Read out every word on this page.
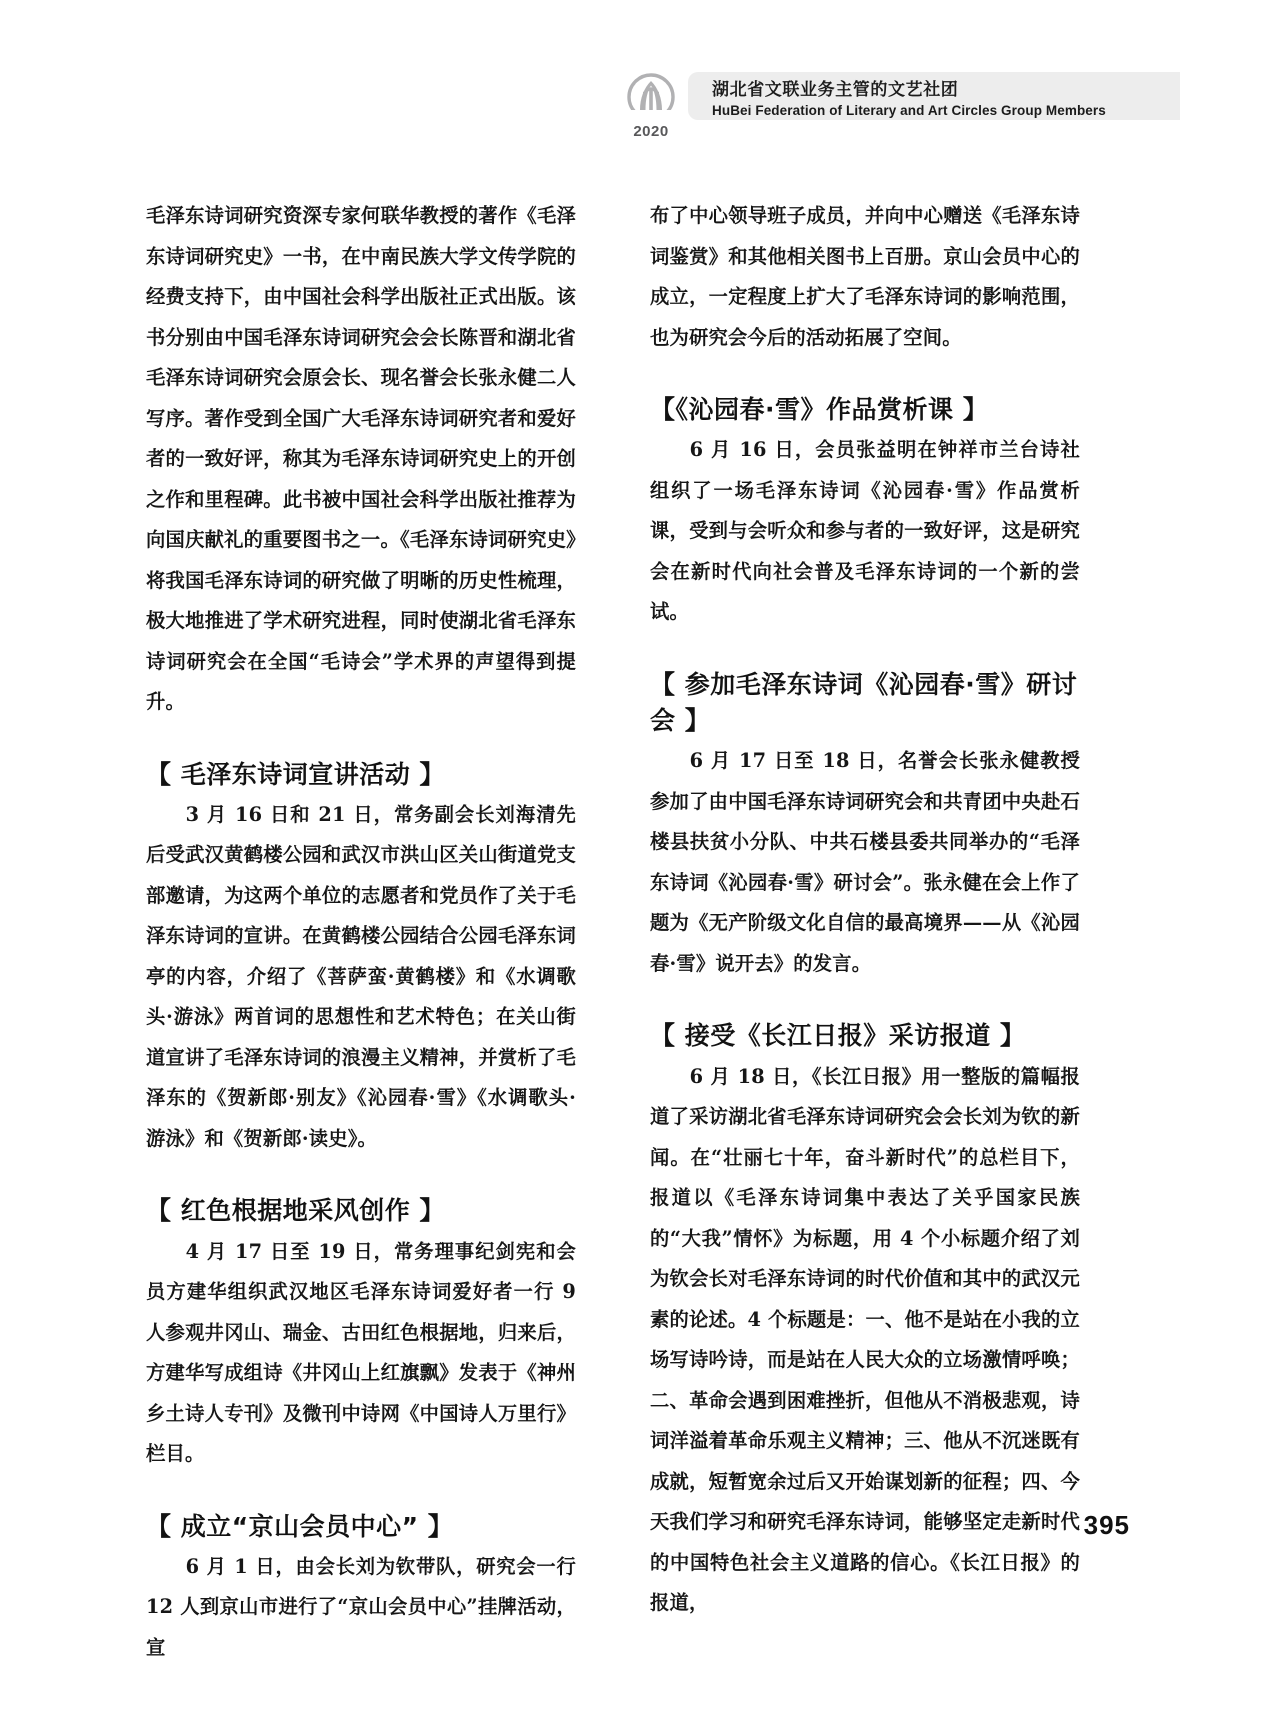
2020
湖北省文联业务主管的文艺社团
HuBei Federation of Literary and Art Circles Group Members

毛泽东诗词研究资深专家何联华教授的著作《毛泽东诗词研究史》一书，在中南民族大学文传学院的经费支持下，由中国社会科学出版社正式出版。该书分别由中国毛泽东诗词研究会会长陈晋和湖北省毛泽东诗词研究会原会长、现名誉会长张永健二人写序。著作受到全国广大毛泽东诗词研究者和爱好者的一致好评，称其为毛泽东诗词研究史上的开创之作和里程碑。此书被中国社会科学出版社推荐为向国庆献礼的重要图书之一。《毛泽东诗词研究史》将我国毛泽东诗词的研究做了明晰的历史性梳理，极大地推进了学术研究进程，同时使湖北省毛泽东诗词研究会在全国“毛诗会”学术界的声望得到提升。

【 毛泽东诗词宣讲活动 】

3 月 16 日和 21 日，常务副会长刘海清先后受武汉黄鹤楼公园和武汉市洪山区关山街道党支部邀请，为这两个单位的志愿者和党员作了关于毛泽东诗词的宣讲。在黄鹤楼公园结合公园毛泽东词亭的内容，介绍了《菩萨蛮·黄鹤楼》和《水调歌头·游泳》两首词的思想性和艺术特色；在关山街道宣讲了毛泽东诗词的浪漫主义精神，并赏析了毛泽东的《贺新郎·别友》《沁园春·雪》《水调歌头·游泳》和《贺新郎·读史》。

【 红色根据地采风创作 】

4 月 17 日至 19 日，常务理事纪剑宪和会员方建华组织武汉地区毛泽东诗词爱好者一行 9 人参观井冈山、瑞金、古田红色根据地，归来后，方建华写成组诗《井冈山上红旗飘》发表于《神州乡土诗人专刊》及微刊中诗网《中国诗人万里行》栏目。

【 成立“京山会员中心” 】

6 月 1 日，由会长刘为钦带队，研究会一行 12 人到京山市进行了“京山会员中心”挂牌活动，宣

布了中心领导班子成员，并向中心赠送《毛泽东诗词鉴赏》和其他相关图书上百册。京山会员中心的成立，一定程度上扩大了毛泽东诗词的影响范围，也为研究会今后的活动拓展了空间。

【《沁园春·雪》作品赏析课 】

6 月 16 日，会员张益明在钟祥市兰台诗社组织了一场毛泽东诗词《沁园春·雪》作品赏析课，受到与会听众和参与者的一致好评，这是研究会在新时代向社会普及毛泽东诗词的一个新的尝试。

【 参加毛泽东诗词《沁园春·雪》研讨会 】

6 月 17 日至 18 日，名誉会长张永健教授参加了由中国毛泽东诗词研究会和共青团中央赴石楼县扶贫小分队、中共石楼县委共同举办的“毛泽东诗词《沁园春·雪》研讨会”。张永健在会上作了题为《无产阶级文化自信的最高境界——从《沁园春·雪》说开去》的发言。

【 接受《长江日报》采访报道 】

6 月 18 日，《长江日报》用一整版的篇幅报道了采访湖北省毛泽东诗词研究会会长刘为钦的新闻。在“壮丽七十年，奋斗新时代”的总栏目下，报道以《毛泽东诗词集中表达了关乎国家民族的“大我”情怀》为标题，用 4 个小标题介绍了刘为钦会长对毛泽东诗词的时代价值和其中的武汉元素的论述。4 个标题是：一、他不是站在小我的立场写诗吟诗，而是站在人民大众的立场激情呼唤；二、革命会遇到困难挫折，但他从不消极悲观，诗词洋溢着革命乐观主义精神；三、他从不沉迷既有成就，短暂宽余过后又开始谋划新的征程；四、今天我们学习和研究毛泽东诗词，能够坚定走新时代的中国特色社会主义道路的信心。《长江日报》的报道，

395
